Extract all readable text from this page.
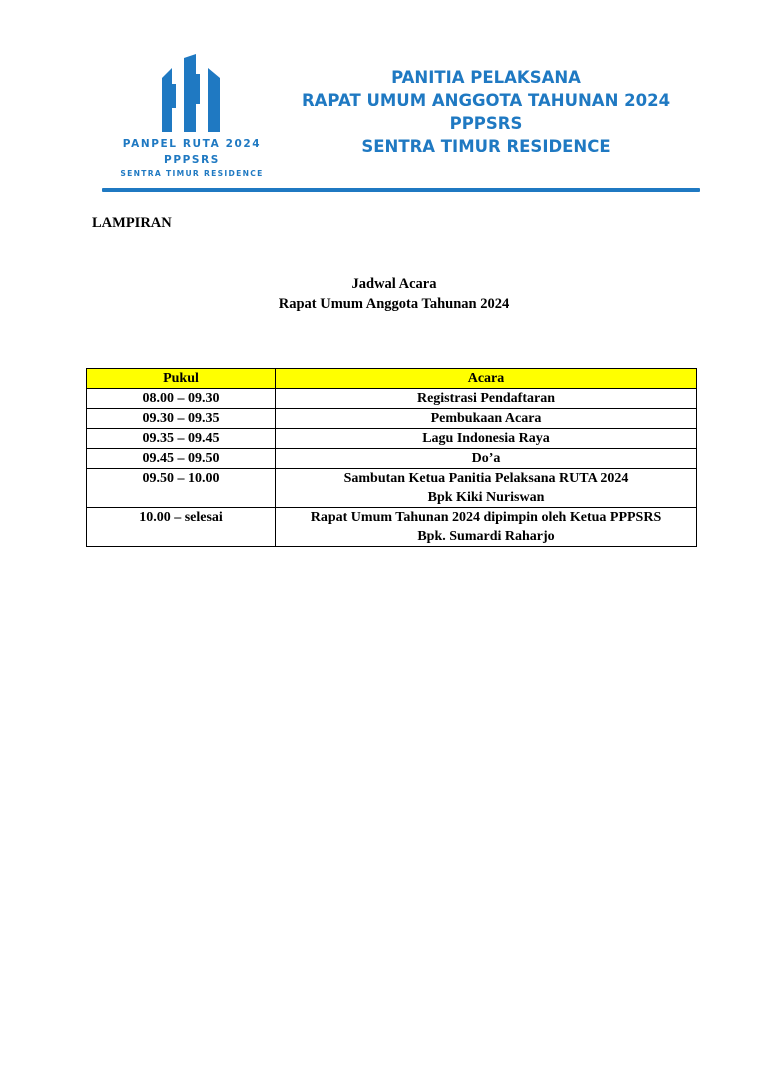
PANPEL RUTA 2024
PPPSRS
SENTRA TIMUR RESIDENCE
PANITIA PELAKSANA
RAPAT UMUM ANGGOTA TAHUNAN 2024
PPPSRS
SENTRA TIMUR RESIDENCE
LAMPIRAN
Jadwal Acara
Rapat Umum Anggota Tahunan 2024
Pukul	Acara
08.00 – 09.30	Registrasi Pendaftaran

09.30 – 09.35	Pembukaan Acara

09.35 – 09.45	Lagu Indonesia Raya

09.45 – 09.50	Do’a

09.50 – 10.00	Sambutan Ketua Panitia Pelaksana RUTA 2024
Bpk Kiki Nuriswan

10.00 – selesai	Rapat Umum Tahunan 2024 dipimpin oleh Ketua PPPSRS
Bpk. Sumardi Raharjo
